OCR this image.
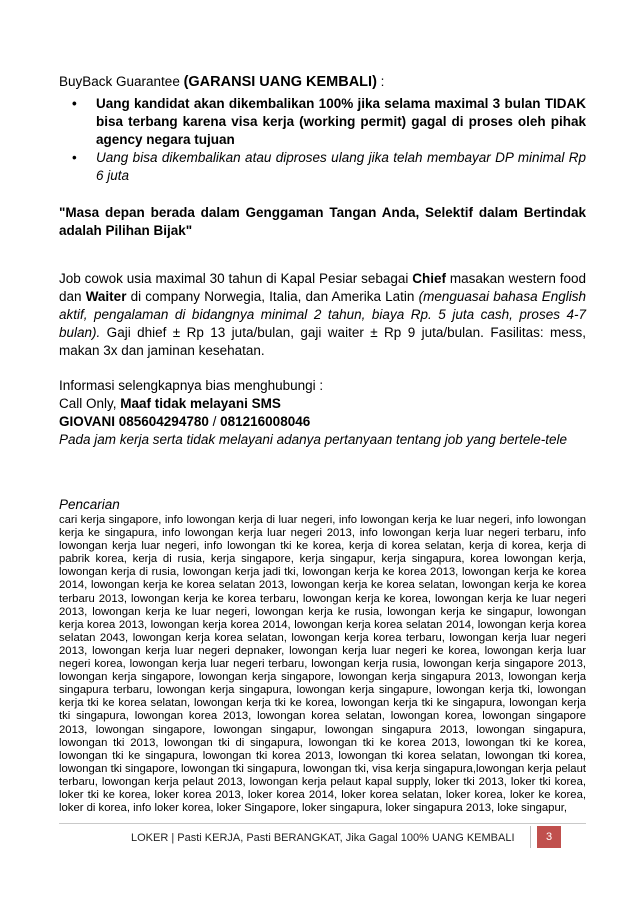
BuyBack Guarantee (GARANSI UANG KEMBALI) :
• Uang kandidat akan dikembalikan 100% jika selama maximal 3 bulan TIDAK bisa terbang karena visa kerja (working permit) gagal di proses oleh pihak agency negara tujuan
• Uang bisa dikembalikan atau diproses ulang jika telah membayar DP minimal Rp 6 juta
"Masa depan berada dalam Genggaman Tangan Anda, Selektif dalam Bertindak adalah Pilihan Bijak"
Job cowok usia maximal 30 tahun di Kapal Pesiar sebagai Chief masakan western food dan Waiter di company Norwegia, Italia, dan Amerika Latin (menguasai bahasa English aktif, pengalaman di bidangnya minimal 2 tahun, biaya Rp. 5 juta cash, proses 4-7 bulan). Gaji dhief ± Rp 13 juta/bulan, gaji waiter ± Rp 9 juta/bulan. Fasilitas: mess, makan 3x dan jaminan kesehatan.
Informasi selengkapnya bias menghubungi :
Call Only, Maaf tidak melayani SMS
GIOVANI 085604294780 / 081216008046
Pada jam kerja serta tidak melayani adanya pertanyaan tentang job yang bertele-tele
Pencarian
cari kerja singapore, info lowongan kerja di luar negeri, info lowongan kerja ke luar negeri, info lowongan kerja ke singapura, info lowongan kerja luar negeri 2013, info lowongan kerja luar negeri terbaru, info lowongan kerja luar negeri, info lowongan tki ke korea, kerja di korea selatan, kerja di korea, kerja di pabrik korea, kerja di rusia, kerja singapore, kerja singapur, kerja singapura, korea lowongan kerja, lowongan kerja di rusia, lowongan kerja jadi tki, lowongan kerja ke korea 2013, lowongan kerja ke korea 2014, lowongan kerja ke korea selatan 2013, lowongan kerja ke korea selatan, lowongan kerja ke korea terbaru 2013, lowongan kerja ke korea terbaru, lowongan kerja ke korea, lowongan kerja ke luar negeri 2013, lowongan kerja ke luar negeri, lowongan kerja ke rusia, lowongan kerja ke singapur, lowongan kerja korea 2013, lowongan kerja korea 2014, lowongan kerja korea selatan 2014, lowongan kerja korea selatan 2043, lowongan kerja korea selatan, lowongan kerja korea terbaru, lowongan kerja luar negeri 2013, lowongan kerja luar negeri depnaker, lowongan kerja luar negeri ke korea, lowongan kerja luar negeri korea, lowongan kerja luar negeri terbaru, lowongan kerja rusia, lowongan kerja singapore 2013, lowongan kerja singapore, lowongan kerja singapore, lowongan kerja singapura 2013, lowongan kerja singapura terbaru, lowongan kerja singapura, lowongan kerja singapure, lowongan kerja tki, lowongan kerja tki ke korea selatan, lowongan kerja tki ke korea, lowongan kerja tki ke singapura, lowongan kerja tki singapura, lowongan korea 2013, lowongan korea selatan, lowongan korea, lowongan singapore 2013, lowongan singapore, lowongan singapur, lowongan singapura 2013, lowongan singapura, lowongan tki 2013, lowongan tki di singapura, lowongan tki ke korea 2013, lowongan tki ke korea, lowongan tki ke singapura, lowongan tki korea 2013, lowongan tki korea selatan, lowongan tki korea, lowongan tki singapore, lowongan tki singapura, lowongan tki, visa kerja singapura,lowongan kerja pelaut terbaru, lowongan kerja pelaut 2013, lowongan kerja pelaut kapal supply, loker tki 2013, loker tki korea, loker tki ke korea, loker korea 2013, loker korea 2014, loker korea selatan, loker korea, loker ke korea, loker di korea, info loker korea, loker Singapore, loker singapura, loker singapura 2013, loke singapur,
LOKER | Pasti KERJA, Pasti BERANGKAT, Jika Gagal 100% UANG KEMBALI	3
